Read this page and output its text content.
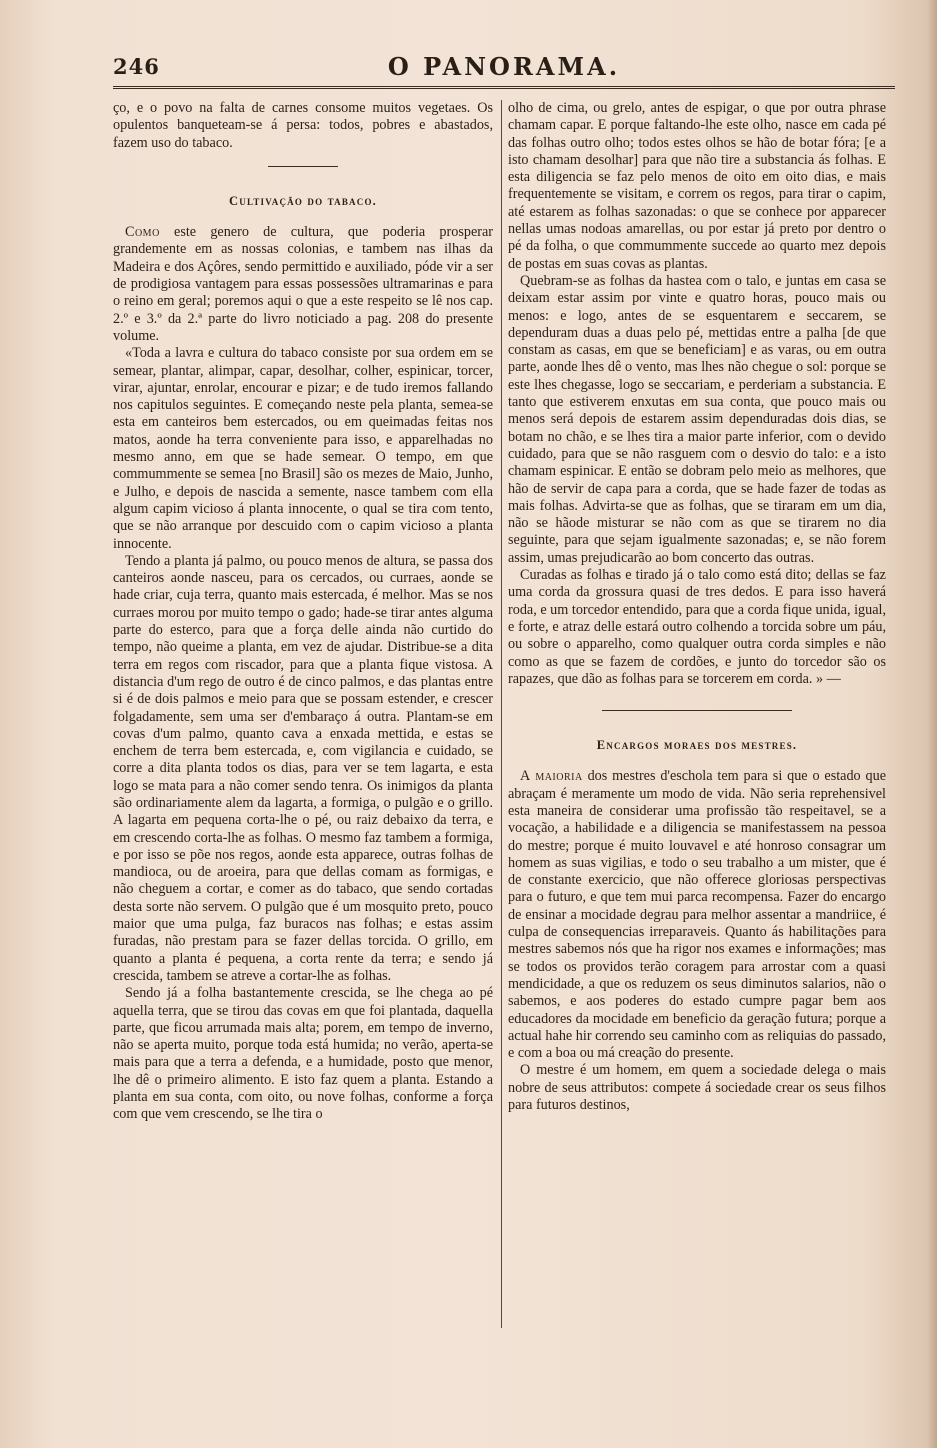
246	O PANORAMA.

ço, e o povo na falta de carnes consome muitos vegetaes. Os opulentos banqueteam-se á persa: todos, pobres e abastados, fazem uso do tabaco.

Cultivação do tabaco.

Como este genero de cultura, que poderia prosperar grandemente em as nossas colonias, e tambem nas ilhas da Madeira e dos Açôres, sendo permittido e auxiliado, póde vir a ser de prodigiosa vantagem para essas possessões ultramarinas e para o reino em geral; poremos aqui o que a este respeito se lê nos cap. 2.º e 3.º da 2.ª parte do livro noticiado a pag. 208 do presente volume.

«Toda a lavra e cultura do tabaco consiste por sua ordem em se semear, plantar, alimpar, capar, desolhar, colher, espinicar, torcer, virar, ajuntar, enrolar, encourar e pizar; e de tudo iremos fallando nos capitulos seguintes. E começando neste pela planta, semea-se esta em canteiros bem estercados, ou em queimadas feitas nos matos, aonde ha terra conveniente para isso, e apparelhadas no mesmo anno, em que se hade semear. O tempo, em que commummente se semea [no Brasil] são os mezes de Maio, Junho, e Julho, e depois de nascida a semente, nasce tambem com ella algum capim vicioso á planta innocente, o qual se tira com tento, que se não arranque por descuido com o capim vicioso a planta innocente.

Tendo a planta já palmo, ou pouco menos de altura, se passa dos canteiros aonde nasceu, para os cercados, ou curraes, aonde se hade criar, cuja terra, quanto mais estercada, é melhor. Mas se nos curraes morou por muito tempo o gado; hade-se tirar antes alguma parte do esterco, para que a força delle ainda não curtido do tempo, não queime a planta, em vez de ajudar. Distribue-se a dita terra em regos com riscador, para que a planta fique vistosa. A distancia d'um rego de outro é de cinco palmos, e das plantas entre si é de dois palmos e meio para que se possam estender, e crescer folgadamente, sem uma ser d'embaraço á outra. Plantam-se em covas d'um palmo, quanto cava a enxada mettida, e estas se enchem de terra bem estercada, e, com vigilancia e cuidado, se corre a dita planta todos os dias, para ver se tem lagarta, e esta logo se mata para a não comer sendo tenra. Os inimigos da planta são ordinariamente alem da lagarta, a formiga, o pulgão e o grillo. A lagarta em pequena corta-lhe o pé, ou raiz debaixo da terra, e em crescendo corta-lhe as folhas. O mesmo faz tambem a formiga, e por isso se põe nos regos, aonde esta apparece, outras folhas de mandioca, ou de aroeira, para que dellas comam as formigas, e não cheguem a cortar, e comer as do tabaco, que sendo cortadas desta sorte não servem. O pulgão que é um mosquito preto, pouco maior que uma pulga, faz buracos nas folhas; e estas assim furadas, não prestam para se fazer dellas torcida. O grillo, em quanto a planta é pequena, a corta rente da terra; e sendo já crescida, tambem se atreve a cortar-lhe as folhas.

Sendo já a folha bastantemente crescida, se lhe chega ao pé aquella terra, que se tirou das covas em que foi plantada, daquella parte, que ficou arrumada mais alta; porem, em tempo de inverno, não se aperta muito, porque toda está humida; no verão, aperta-se mais para que a terra a defenda, e a humidade, posto que menor, lhe dê o primeiro alimento. E isto faz quem a planta. Estando a planta em sua conta, com oito, ou nove folhas, conforme a força com que vem crescendo, se lhe tira o

olho de cima, ou grelo, antes de espigar, o que por outra phrase chamam capar. E porque faltando-lhe este olho, nasce em cada pé das folhas outro olho; todos estes olhos se hão de botar fóra; [e a isto chamam desolhar] para que não tire a substancia ás folhas. E esta diligencia se faz pelo menos de oito em oito dias, e mais frequentemente se visitam, e correm os regos, para tirar o capim, até estarem as folhas sazonadas: o que se conhece por apparecer nellas umas nodoas amarellas, ou por estar já preto por dentro o pé da folha, o que commummente succede ao quarto mez depois de postas em suas covas as plantas.

Quebram-se as folhas da hastea com o talo, e juntas em casa se deixam estar assim por vinte e quatro horas, pouco mais ou menos: e logo, antes de se esquentarem e seccarem, se dependuram duas a duas pelo pé, mettidas entre a palha [de que constam as casas, em que se beneficiam] e as varas, ou em outra parte, aonde lhes dê o vento, mas lhes não chegue o sol: porque se este lhes chegasse, logo se seccariam, e perderiam a substancia. E tanto que estiverem enxutas em sua conta, que pouco mais ou menos será depois de estarem assim dependuradas dois dias, se botam no chão, e se lhes tira a maior parte inferior, com o devido cuidado, para que se não rasguem com o desvio do talo: e a isto chamam espinicar. E então se dobram pelo meio as melhores, que hão de servir de capa para a corda, que se hade fazer de todas as mais folhas. Advirta-se que as folhas, que se tiraram em um dia, não se hãode misturar se não com as que se tirarem no dia seguinte, para que sejam igualmente sazonadas; e, se não forem assim, umas prejudicarão ao bom concerto das outras.

Curadas as folhas e tirado já o talo como está dito; dellas se faz uma corda da grossura quasi de tres dedos. E para isso haverá roda, e um torcedor entendido, para que a corda fique unida, igual, e forte, e atraz delle estará outro colhendo a torcida sobre um páu, ou sobre o apparelho, como qualquer outra corda simples e não como as que se fazem de cordões, e junto do torcedor são os rapazes, que dão as folhas para se torcerem em corda. » —

Encargos moraes dos mestres.

A maioria dos mestres d'eschola tem para si que o estado que abraçam é meramente um modo de vida. Não seria reprehensivel esta maneira de considerar uma profissão tão respeitavel, se a vocação, a habilidade e a diligencia se manifestassem na pessoa do mestre; porque é muito louvavel e até honroso consagrar um homem as suas vigilias, e todo o seu trabalho a um mister, que é de constante exercicio, que não offerece gloriosas perspectivas para o futuro, e que tem mui parca recompensa. Fazer do encargo de ensinar a mocidade degrau para melhor assentar a mandriice, é culpa de consequencias irreparaveis. Quanto ás habilitações para mestres sabemos nós que ha rigor nos exames e informações; mas se todos os providos terão coragem para arrostar com a quasi mendicidade, a que os reduzem os seus diminutos salarios, não o sabemos, e aos poderes do estado cumpre pagar bem aos educadores da mocidade em beneficio da geração futura; porque a actual hahe hir correndo seu caminho com as reliquias do passado, e com a boa ou má creação do presente.

O mestre é um homem, em quem a sociedade delega o mais nobre de seus attributos: compete á sociedade crear os seus filhos para futuros destinos,
